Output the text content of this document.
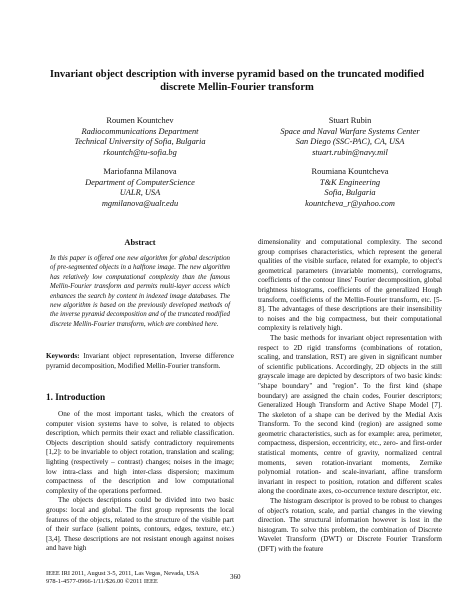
Invariant object description with inverse pyramid based on the truncated modified discrete Mellin-Fourier transform
Roumen Kountchev
Radiocommunications Department
Technical University of Sofia, Bulgaria
rkountch@tu-sofia.bg
Stuart Rubin
Space and Naval Warfare Systems Center
San Diego (SSC-PAC), CA, USA
stuart.rubin@navy.mil
Mariofanna Milanova
Department of ComputerScience
UALR, USA
mgmilanova@ualr.edu
Roumiana Kountcheva
T&K Engineering
Sofia, Bulgaria
kountcheva_r@yahoo.com
Abstract
In this paper is offered one new algorithm for global description of pre-segmented objects in a halftone image. The new algorithm has relatively low computational complexity than the famous Mellin-Fourier transform and permits multi-layer access which enhances the search by content in indexed image databases. The new algorithm is based on the previously developed methods of the inverse pyramid decomposition and of the truncated modified discrete Mellin-Fourier transform, which are combined here.
Keywords: Invariant object representation, Inverse difference pyramid decomposition, Modified Mellin-Fourier transform.
1. Introduction

One of the most important tasks, which the creators of computer vision systems have to solve, is related to objects description, which permits their exact and reliable classification. Objects description should satisfy contradictory requirements [1,2]: to be invariable to object rotation, translation and scaling; lighting (respectively – contrast) changes; noises in the image; low intra-class and high inter-class dispersion; maximum compactness of the description and low computational complexity of the operations performed.

The objects descriptions could be divided into two basic groups: local and global. The first group represents the local features of the objects, related to the structure of the visible part of their surface (salient points, contours, edges, texture, etc.) [3,4]. These descriptions are not resistant enough against noises and have high

dimensionality and computational complexity. The second group comprises characteristics, which represent the general qualities of the visible surface, related for example, to object's geometrical parameters (invariable moments), correlograms, coefficients of the contour lines' Fourier decomposition, global brightness histograms, coefficients of the generalized Hough transform, coefficients of the Mellin-Fourier transform, etc. [5-8]. The advantages of these descriptions are their insensibility to noises and the big compactness, but their computational complexity is relatively high.

The basic methods for invariant object representation with respect to 2D rigid transforms (combinations of rotation, scaling, and translation, RST) are given in significant number of scientific publications. Accordingly, 2D objects in the still grayscale image are depicted by descriptors of two basic kinds: "shape boundary" and "region". To the first kind (shape boundary) are assigned the chain codes, Fourier descriptors; Generalized Hough Transform and Active Shape Model [7]. The skeleton of a shape can be derived by the Medial Axis Transform. To the second kind (region) are assigned some geometric characteristics, such as for example: area, perimeter, compactness, dispersion, eccentricity, etc., zero- and first-order statistical moments, centre of gravity, normalized central moments, seven rotation-invariant moments, Zernike polynomial rotation- and scale-invariant, affine transform invariant in respect to position, rotation and different scales along the coordinate axes, co-occurrence texture descriptor, etc.

The histogram descriptor is proved to be robust to changes of object's rotation, scale, and partial changes in the viewing direction. The structural information however is lost in the histogram. To solve this problem, the combination of Discrete Wavelet Transform (DWT) or Discrete Fourier Transform (DFT) with the feature

IEEE IRI 2011, August 3-5, 2011, Las Vegas, Nevada, USA
978-1-4577-0966-1/11/$26.00 ©2011 IEEE
360
